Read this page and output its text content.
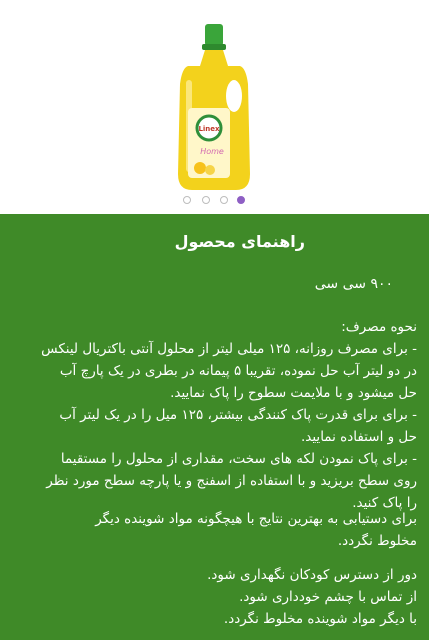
Linex
Home
راهنمای محصول
۹۰۰ سی سی
نحوه مصرف:
- برای مصرف روزانه، ۱۲۵ میلی لیتر از محلول آنتی باکتریال لینکس
در دو لیتر آب حل نموده، تقریبا ۵ پیمانه در بطری در یک پارچ آب
حل میشود و با ملایمت سطوح را پاک نمایید.
- برای برای قدرت پاک کنندگی بیشتر، ۱۲۵ میل را در یک لیتر آب
حل و استفاده نمایید.
- برای پاک نمودن لکه های سخت، مقداری از محلول را مستقیما
روی سطح بریزید و با استفاده از اسفنج و یا پارچه سطح مورد نظر
را پاک کنید.
برای دستیابی به بهترین نتایج با هیچگونه مواد شوینده دیگر
مخلوط نگردد.
دور از دسترس کودکان نگهداری شود.
از تماس با چشم خودداری شود.
با دیگر مواد شوینده مخلوط نگردد.
